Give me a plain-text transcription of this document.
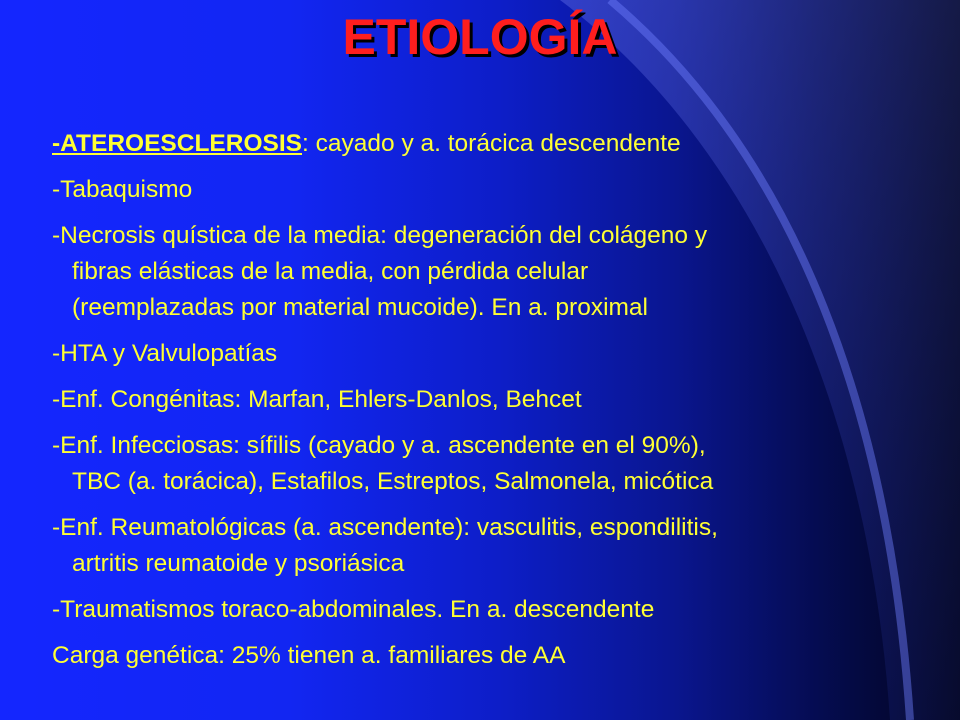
ETIOLOGÍA
-ATEROESCLEROSIS: cayado y a. torácica descendente
-Tabaquismo
-Necrosis quística de la media: degeneración del colágeno y
fibras elásticas de la media, con pérdida celular
(reemplazadas por material mucoide). En a. proximal
-HTA y Valvulopatías
-Enf. Congénitas: Marfan, Ehlers-Danlos, Behcet
-Enf. Infecciosas: sífilis (cayado y a. ascendente en el 90%),
TBC (a. torácica), Estafilos, Estreptos, Salmonela, micótica
-Enf. Reumatológicas (a. ascendente): vasculitis, espondilitis,
artritis reumatoide y psoriásica
-Traumatismos toraco-abdominales. En a. descendente
Carga genética: 25% tienen a. familiares de AA
